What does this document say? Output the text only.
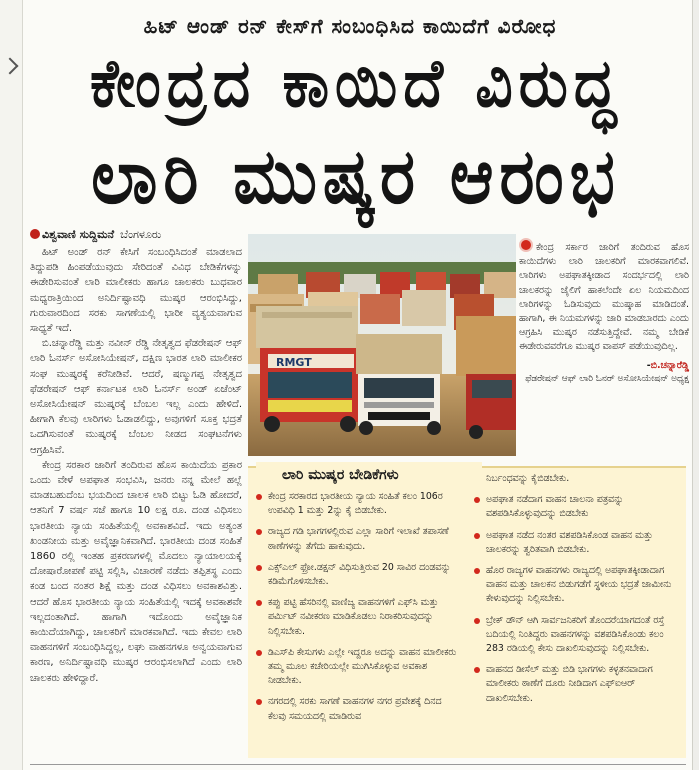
ಹಿಟ್ ಆಂಡ್ ರನ್ ಕೇಸ್‌ಗೆ ಸಂಬಂಧಿಸಿದ ಕಾಯಿದೆಗೆ ವಿರೋಧ
ಕೇಂದ್ರದ ಕಾಯಿದೆ ವಿರುದ್ಧ
ಲಾರಿ ಮುಷ್ಕರ ಆರಂಭ
ವಿಶ್ವವಾಣಿ ಸುದ್ದಿಮನೆ ಬೆಂಗಳೂರು

ಹಿಟ್ ಅಂಡ್ ರನ್ ಕೇಸಿಗೆ ಸಂಬಂಧಿಸಿದಂತೆ ಮಾಡಲಾದ ತಿದ್ದುಪಡಿ ಹಿಂಪಡೆಯುವುದು ಸೇರಿದಂತೆ ವಿವಿಧ ಬೇಡಿಕೆಗಳನ್ನು ಈಡೇರಿಸುವಂತೆ ಲಾರಿ ಮಾಲೀಕರು ಹಾಗೂ ಚಾಲಕರು ಬುಧವಾರ ಮಧ್ಯರಾತ್ರಿಯಿಂದ ಅನಿರ್ದಿಷ್ಟಾವಧಿ ಮುಷ್ಕರ ಆರಂಭಿಸಿದ್ದು, ಗುರುವಾರದಿಂದ ಸರಕು ಸಾಗಣೆಯಲ್ಲಿ ಭಾರೀ ವ್ಯತ್ಯಯವಾಗುವ ಸಾಧ್ಯತೆ ಇದೆ.

ಬಿ.ಚನ್ನಾರೆಡ್ಡಿ ಮತ್ತು ನವೀನ್ ರೆಡ್ಡಿ ನೇತೃತ್ವದ ಫೆಡರೇಷನ್ ಆಫ್ ಲಾರಿ ಓನರ್ಸ್ ಅಸೋಸಿಯೇಷನ್, ದಕ್ಷಿಣ ಭಾರತ ಲಾರಿ ಮಾಲೀಕರ ಸಂಘ ಮುಷ್ಕರಕ್ಕೆ ಕರೆನೀಡಿವೆ. ಆದರೆ, ಷಣ್ಮುಗಪ್ಪ ನೇತೃತ್ವದ ಫೆಡರೇಷನ್ ಆಫ್ ಕರ್ನಾಟಕ ಲಾರಿ ಓನರ್ಸ್ ಅಂಡ್ ಏಜೆಂಟ್ ಅಸೋಸಿಯೇಷನ್ ಮುಷ್ಕರಕ್ಕೆ ಬೆಂಬಲ ಇಲ್ಲ ಎಂದು ಹೇಳಿದೆ. ಹೀಗಾಗಿ ಕೆಲವು ಲಾರಿಗಳು ಓಡಾಡಲಿದ್ದು, ಅವುಗಳಿಗೆ ಸೂಕ್ತ ಭದ್ರತೆ ಒದಗಿಸುವಂತೆ ಮುಷ್ಕರಕ್ಕೆ ಬೆಂಬಲ ನೀಡದ ಸಂಘಟನೆಗಳು ಆಗ್ರಹಿಸಿವೆ.

ಕೇಂದ್ರ ಸರಕಾರ ಜಾರಿಗೆ ತಂದಿರುವ ಹೊಸ ಕಾಯಿದೆಯ ಪ್ರಕಾರ ಒಂದು ವೇಳೆ ಅಪಘಾತ ಸಂಭವಿಸಿ, ಜನರು ನನ್ನ ಮೇಲೆ ಹಲ್ಲೆ ಮಾಡಬಹುದೆಂಬ ಭಯದಿಂದ ಚಾಲಕ ಲಾರಿ ಬಿಟ್ಟು ಓಡಿ ಹೋದರೆ, ಆತನಿಗೆ 7 ವರ್ಷ ಸಜೆ ಹಾಗೂ 10 ಲಕ್ಷ ರೂ. ದಂಡ ವಿಧಿಸಲು ಭಾರತೀಯ ನ್ಯಾಯ ಸಂಹಿತೆಯಲ್ಲಿ ಅವಕಾಶವಿದೆ. ಇದು ಅತ್ಯಂತ ಖಂಡನೀಯ ಮತ್ತು ಅವೈಜ್ಞಾನಿಕವಾಗಿದೆ. ಭಾರತೀಯ ದಂಡ ಸಂಹಿತೆ 1860 ರಲ್ಲಿ ಇಂತಹ ಪ್ರಕರಣಗಳಲ್ಲಿ ಮೊದಲು ನ್ಯಾಯಾಲಯಕ್ಕೆ ದೋಷಾರೋಪಣೆ ಪಟ್ಟಿ ಸಲ್ಲಿಸಿ, ವಿಚಾರಣೆ ನಡೆದು ತಪ್ಪಿತಸ್ಥ ಎಂದು ಕಂಡ ಬಂದ ನಂತರ ಶಿಕ್ಷೆ ಮತ್ತು ದಂಡ ವಿಧಿಸಲು ಅವಕಾಶವಿತ್ತು. ಆದರೆ ಹೊಸ ಭಾರತೀಯ ನ್ಯಾಯ ಸಂಹಿತೆಯಲ್ಲಿ ಇದಕ್ಕೆ ಅವಕಾಶವೇ ಇಲ್ಲದಂತಾಗಿದೆ. ಹಾಗಾಗಿ ಇದೊಂದು ಅವೈಜ್ಞಾನಿಕ ಕಾಯಿದೆಯಾಗಿದ್ದು, ಚಾಲಕರಿಗೆ ಮಾರಕವಾಗಿದೆ. ಇದು ಕೇವಲ ಲಾರಿ ವಾಹನಗಳಿಗೆ ಸಂಬಂಧಿಸಿದ್ದಲ್ಲ, ಲಘು ವಾಹನಗಳೂ ಅನ್ವಯವಾಗುವ ಕಾರಣ, ಅನಿರ್ದಿಷ್ಟಾವಧಿ ಮುಷ್ಕರ ಆರಂಭಿಸಲಾಗಿದೆ ಎಂದು ಲಾರಿ ಚಾಲಕರು ಹೇಳಿದ್ದಾರೆ.

RMGT
ಕೇಂದ್ರ ಸರ್ಕಾರ ಜಾರಿಗೆ ತಂದಿರುವ ಹೊಸ ಕಾಯಿದೆಗಳು ಲಾರಿ ಚಾಲಕರಿಗೆ ಮಾರಕವಾಗಲಿವೆ. ಲಾರಿಗಳು ಅಪಘಾತಕ್ಕೀಡಾದ ಸಂದರ್ಭದಲ್ಲಿ ಲಾರಿ ಚಾಲಕರನ್ನು ಜೈಲಿಗೆ ಹಾಕಲೆಂದೇ ಏಲ ನಿಯಮದಿಂದ ಲಾರಿಗಳನ್ನು ಓಡಿಸುವುದು ಮುಷ್ಕಾಹ ಮಾಡಿದಂತೆ. ಹಾಗಾಗಿ, ಈ ನಿಯಮಗಳನ್ನು ಜಾರಿ ಮಾಡಬಾರದು ಎಂದು ಆಗ್ರಹಿಸಿ ಮುಷ್ಕರ ನಡೆಸುತ್ತಿದ್ದೇವೆ. ನಮ್ಮ ಬೇಡಿಕೆ ಈಡೇರುವವರೆಗೂ ಮುಷ್ಕರ ವಾಪಸ್ ಪಡೆಯುವುದಿಲ್ಲ.
-ಬಿ.ಚನ್ನಾರೆಡ್ಡಿ
ಫೆಡರೇಷನ್ ಆಫ್ ಲಾರಿ ಓನರ್ ಅಸೋಸಿಯೇಷನ್ ಅಧ್ಯಕ್ಷ
ಲಾರಿ ಮುಷ್ಕರ ಬೇಡಿಕೆಗಳು
ಕೇಂದ್ರ ಸರಕಾರದ ಭಾರತೀಯ ನ್ಯಾಯ ಸಂಹಿತೆ ಕಲಂ 106ರ ಉಪವಿಧಿ 1 ಮತ್ತು 2ನ್ನು ಕೈ ಬಿಡಬೇಕು.
ರಾಜ್ಯದ ಗಡಿ ಭಾಗಗಳಲ್ಲಿರುವ ಎಲ್ಲಾ ಸಾರಿಗೆ ಇಲಾಖೆ ತಪಾಸಣೆ ಠಾಣೆಗಳನ್ನು ತೆಗೆದು ಹಾಕುವುದು.
ಎಕ್ಸ್‌ಎಲ್ ಫ್ರೋ.ಡಕ್ಷನ್ ವಿಧಿಸುತ್ತಿರುವ 20 ಸಾವಿರ ದಂಡವನ್ನು ಕಡಿಮೆಗೊಳಿಸಬೇಕು.
ಕಪ್ಪು ಪಟ್ಟಿ ಹೆಸರಿನಲ್ಲಿ ವಾಣಿಜ್ಯ ವಾಹನಗಳಿಗೆ ಎಫ್‌ಸಿ ಮತ್ತು ಪರ್ಮಿಟ್ ನವೀಕರಣ ಮಾಡಿಕೊಡಲು ನಿರಾಕರಿಸುವುದನ್ನು ನಿಲ್ಲಿಸಬೇಕು.
ಡಿಎಸ್‌ಪಿ ಕೇಸುಗಳು ಎಲ್ಲೇ ಇದ್ದರೂ ಅದನ್ನು ವಾಹನ ಮಾಲೀಕರು ತಮ್ಮ ಮೂಲ ಕಚೇರಿಯಲ್ಲೇ ಮುಗಿಸಿಕೊಳ್ಳುವ ಅವಕಾಶ ನೀಡಬೇಕು.
ನಗರದಲ್ಲಿ ಸರಕು ಸಾಗಣೆ ವಾಹನಗಳ ನಗರ ಪ್ರವೇಶಕ್ಕೆ ದಿನದ ಕೆಲವು ಸಮಯದಲ್ಲಿ ಮಾಡಿರುವ
ನಿರ್ಬಂಧವನ್ನು ಕೈಬಿಡಬೇಕು.
ಅಪಘಾತ ನಡೆದಾಗ ವಾಹನ ಚಾಲನಾ ಪತ್ರವನ್ನು ವಶಪಡಿಸಿಕೊಳ್ಳುವುದನ್ನು ಬಿಡಬೇಕು
ಅಪಘಾತ ನಡೆದ ನಂತರ ವಶಪಡಿಸಿಕೊಂಡ ವಾಹನ ಮತ್ತು ಚಾಲಕರನ್ನು ತ್ವರಿತವಾಗಿ ಬಿಡಬೇಕು.
ಹೊರ ರಾಜ್ಯಗಳ ವಾಹನಗಳು ರಾಜ್ಯದಲ್ಲಿ ಅಪಘಾತಕ್ಕೀಡಾದಾಗ ವಾಹನ ಮತ್ತು ಚಾಲಕನ ಬಿಡುಗಡೆಗೆ ಸ್ಥಳೀಯ ಭದ್ರತೆ ಜಾಮೀನು ಕೇಳುವುದನ್ನು ನಿಲ್ಲಿಸಬೇಕು.
ಬ್ರೇಕ್ ಡೌನ್ ಆಗಿ ಸಾರ್ವಜನಿಕರಿಗೆ ತೊಂದರೆಯಾಗದಂತೆ ರಸ್ತೆ ಬದಿಯಲ್ಲಿ ನಿಂತಿದ್ದರು ವಾಹನಗಳನ್ನು ವಶಪಡಿಸಿಕೊಂಡು ಕಲಂ 283 ರಡಿಯಲ್ಲಿ ಕೇಸು ದಾಖಲಿಸುವುದನ್ನು ನಿಲ್ಲಿಸಬೇಕು.
ವಾಹನದ ಡೀಸೆಲ್ ಮತ್ತು ಬಿಡಿ ಭಾಗಗಳು ಕಳ್ಳತನವಾದಾಗ ಮಾಲೀಕರು ಠಾಣೆಗೆ ದೂರು ನೀಡಿದಾಗ ಎಫ್‌ಐಆರ್ ದಾಖಲಿಸಬೇಕು.
